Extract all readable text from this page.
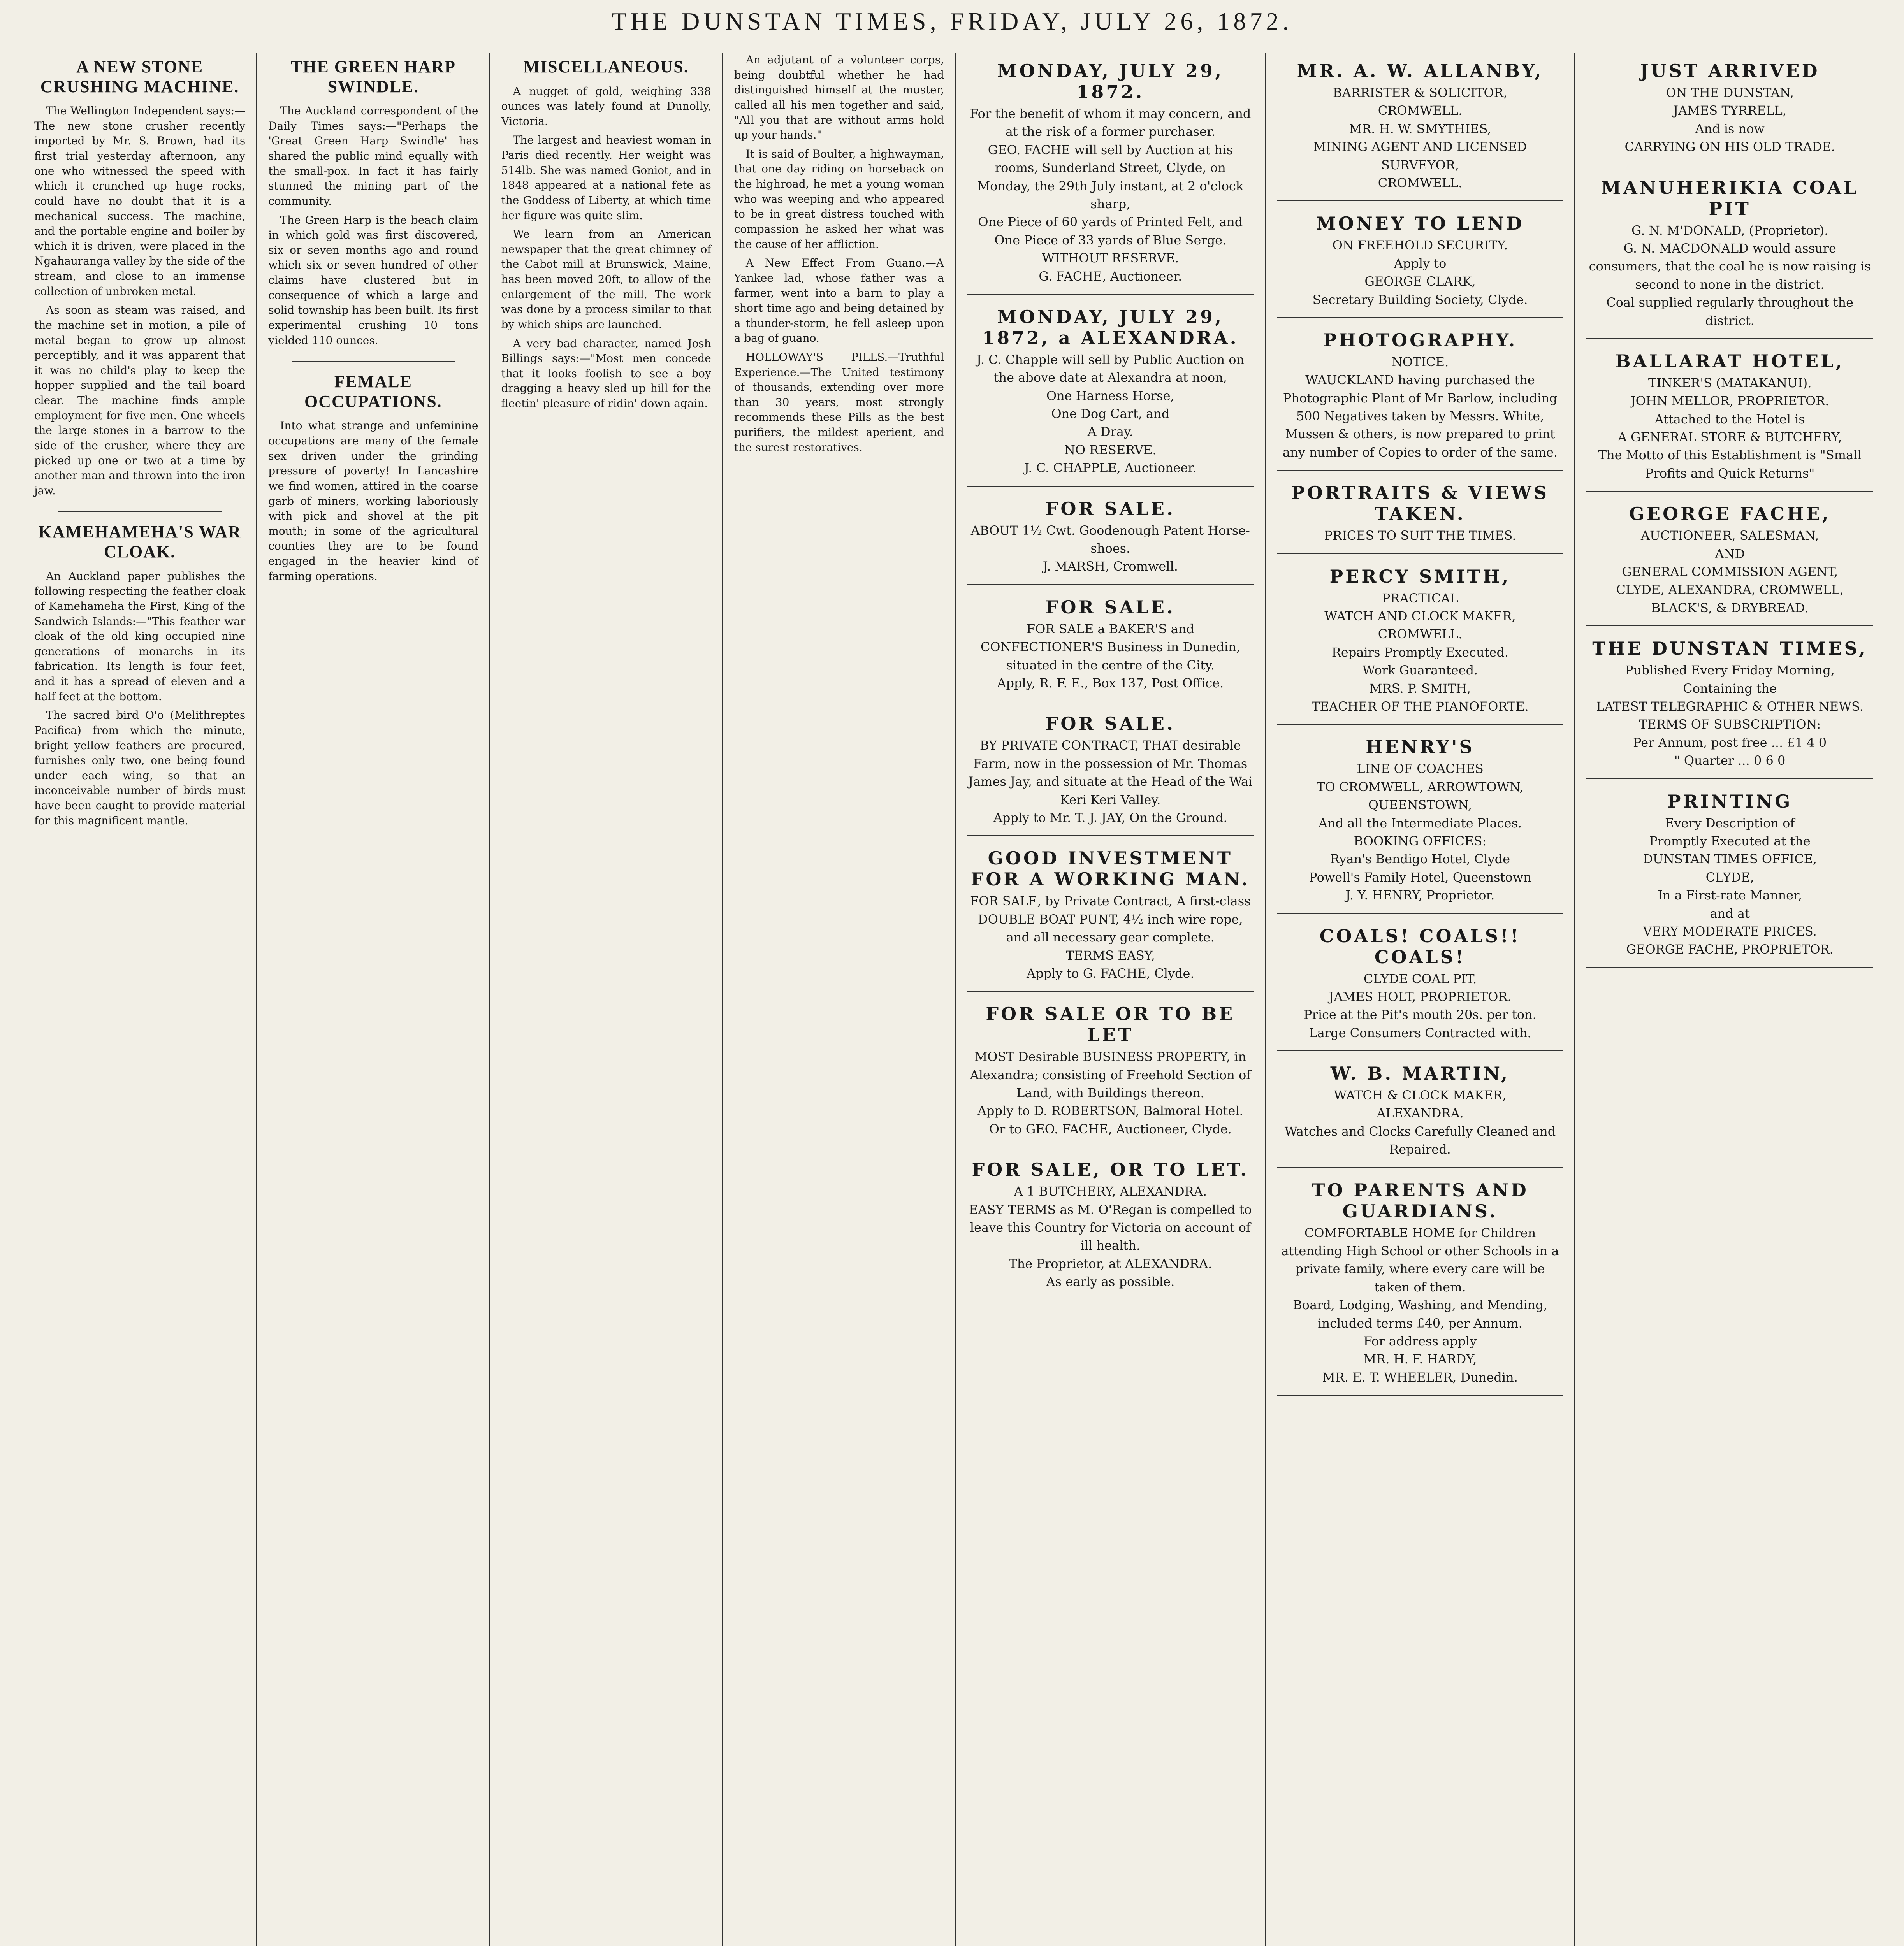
THE DUNSTAN TIMES, FRIDAY, JULY 26, 1872.
A NEW STONE CRUSHING MACHINE.

The Wellington Independent says:—The new stone crusher recently imported by Mr. S. Brown, had its first trial yesterday afternoon, any one who witnessed the speed with which it crunched up huge rocks, could have no doubt that it is a mechanical success. The machine, and the portable engine and boiler by which it is driven, were placed in the Ngahauranga valley by the side of the stream, and close to an immense collection of unbroken metal.

As soon as steam was raised, and the machine set in motion, a pile of metal began to grow up almost perceptibly, and it was apparent that it was no child's play to keep the hopper supplied and the tail board clear. The machine finds ample employment for five men. One wheels the large stones in a barrow to the side of the crusher, where they are picked up one or two at a time by another man and thrown into the iron jaw.

KAMEHAMEHA'S WAR CLOAK.

An Auckland paper publishes the following respecting the feather cloak of Kamehameha the First, King of the Sandwich Islands:—"This feather war cloak of the old king occupied nine generations of monarchs in its fabrication. Its length is four feet, and it has a spread of eleven and a half feet at the bottom.

The sacred bird O'o (Melithreptes Pacifica) from which the minute, bright yellow feathers are procured, furnishes only two, one being found under each wing, so that an inconceivable number of birds must have been caught to provide material for this magnificent mantle.

THE GREEN HARP SWINDLE.

The Auckland correspondent of the Daily Times says:—"Perhaps the 'Great Green Harp Swindle' has shared the public mind equally with the small-pox. In fact it has fairly stunned the mining part of the community.

The Green Harp is the beach claim in which gold was first discovered, six or seven months ago and round which six or seven hundred of other claims have clustered but in consequence of which a large and solid township has been built. Its first experimental crushing 10 tons yielded 110 ounces.

FEMALE OCCUPATIONS.

Into what strange and unfeminine occupations are many of the female sex driven under the grinding pressure of poverty! In Lancashire we find women, attired in the coarse garb of miners, working laboriously with pick and shovel at the pit mouth; in some of the agricultural counties they are to be found engaged in the heavier kind of farming operations.

MISCELLANEOUS.

A nugget of gold, weighing 338 ounces was lately found at Dunolly, Victoria.

The largest and heaviest woman in Paris died recently. Her weight was 514lb. She was named Goniot, and in 1848 appeared at a national fete as the Goddess of Liberty, at which time her figure was quite slim.

We learn from an American newspaper that the great chimney of the Cabot mill at Brunswick, Maine, has been moved 20ft, to allow of the enlargement of the mill. The work was done by a process similar to that by which ships are launched.

A very bad character, named Josh Billings says:—"Most men concede that it looks foolish to see a boy dragging a heavy sled up hill for the fleetin' pleasure of ridin' down again.

An adjutant of a volunteer corps, being doubtful whether he had distinguished himself at the muster, called all his men together and said, "All you that are without arms hold up your hands."

It is said of Boulter, a highwayman, that one day riding on horseback on the highroad, he met a young woman who was weeping and who appeared to be in great distress touched with compassion he asked her what was the cause of her affliction.

A New Effect From Guano.—A Yankee lad, whose father was a farmer, went into a barn to play a short time ago and being detained by a thunder-storm, he fell asleep upon a bag of guano.

HOLLOWAY'S PILLS.—Truthful Experience.—The United testimony of thousands, extending over more than 30 years, most strongly recommends these Pills as the best purifiers, the mildest aperient, and the surest restoratives.

MONDAY, JULY 29, 1872.
For the benefit of whom it may concern, and at the risk of a former purchaser.
GEO. FACHE will sell by Auction at his rooms, Sunderland Street, Clyde, on Monday, the 29th July instant, at 2 o'clock sharp,
One Piece of 60 yards of Printed Felt, and
One Piece of 33 yards of Blue Serge.
WITHOUT RESERVE.
G. FACHE, Auctioneer.
MONDAY, JULY 29, 1872, a ALEXANDRA.
J. C. Chapple will sell by Public Auction on the above date at Alexandra at noon,
One Harness Horse,
One Dog Cart, and
A Dray.
NO RESERVE.
J. C. CHAPPLE, Auctioneer.
FOR SALE.
ABOUT 1½ Cwt. Goodenough Patent Horse-shoes.
J. MARSH, Cromwell.
FOR SALE.
FOR SALE a BAKER'S and CONFECTIONER'S Business in Dunedin, situated in the centre of the City.
Apply, R. F. E., Box 137, Post Office.
FOR SALE.
BY PRIVATE CONTRACT, THAT desirable Farm, now in the possession of Mr. Thomas James Jay, and situate at the Head of the Wai Keri Keri Valley.
Apply to Mr. T. J. JAY, On the Ground.
GOOD INVESTMENT FOR A WORKING MAN.
FOR SALE, by Private Contract, A first-class DOUBLE BOAT PUNT, 4½ inch wire rope, and all necessary gear complete.
TERMS EASY,
Apply to G. FACHE, Clyde.
FOR SALE OR TO BE LET
MOST Desirable BUSINESS PROPERTY, in Alexandra; consisting of Freehold Section of Land, with Buildings thereon.
Apply to D. ROBERTSON, Balmoral Hotel.
Or to GEO. FACHE, Auctioneer, Clyde.
FOR SALE, OR TO LET.
A 1 BUTCHERY, ALEXANDRA.
EASY TERMS as M. O'Regan is compelled to leave this Country for Victoria on account of ill health.
The Proprietor, at ALEXANDRA.
As early as possible.
MR. A. W. ALLANBY,
BARRISTER & SOLICITOR,
CROMWELL.
MR. H. W. SMYTHIES,
MINING AGENT AND LICENSED SURVEYOR,
CROMWELL.
MONEY TO LEND
ON FREEHOLD SECURITY.
Apply to
GEORGE CLARK,
Secretary Building Society, Clyde.
PHOTOGRAPHY.
NOTICE.
WAUCKLAND having purchased the Photographic Plant of Mr Barlow, including 500 Negatives taken by Messrs. White, Mussen & others, is now prepared to print any number of Copies to order of the same.
PORTRAITS & VIEWS TAKEN.
PRICES TO SUIT THE TIMES.
PERCY SMITH,
PRACTICAL
WATCH AND CLOCK MAKER,
CROMWELL.
Repairs Promptly Executed.
Work Guaranteed.
MRS. P. SMITH,
TEACHER OF THE PIANOFORTE.
HENRY'S
LINE OF COACHES
TO CROMWELL, ARROWTOWN, QUEENSTOWN,
And all the Intermediate Places.
BOOKING OFFICES:
Ryan's Bendigo Hotel, Clyde
Powell's Family Hotel, Queenstown
J. Y. HENRY, Proprietor.
COALS! COALS!! COALS!
CLYDE COAL PIT.
JAMES HOLT, PROPRIETOR.
Price at the Pit's mouth 20s. per ton.
Large Consumers Contracted with.
W. B. MARTIN,
WATCH & CLOCK MAKER,
ALEXANDRA.
Watches and Clocks Carefully Cleaned and Repaired.
TO PARENTS AND GUARDIANS.
COMFORTABLE HOME for Children attending High School or other Schools in a private family, where every care will be taken of them.
Board, Lodging, Washing, and Mending, included terms £40, per Annum.
For address apply
MR. H. F. HARDY,
MR. E. T. WHEELER, Dunedin.
JUST ARRIVED
ON THE DUNSTAN,
JAMES TYRRELL,
And is now
CARRYING ON HIS OLD TRADE.
MANUHERIKIA COAL PIT
G. N. M'DONALD, (Proprietor).
G. N. MACDONALD would assure consumers, that the coal he is now raising is second to none in the district.
Coal supplied regularly throughout the district.
BALLARAT HOTEL,
TINKER'S (MATAKANUI).
JOHN MELLOR, PROPRIETOR.
Attached to the Hotel is
A GENERAL STORE & BUTCHERY,
The Motto of this Establishment is "Small Profits and Quick Returns"
GEORGE FACHE,
AUCTIONEER, SALESMAN,
AND
GENERAL COMMISSION AGENT,
CLYDE, ALEXANDRA, CROMWELL,
BLACK'S, & DRYBREAD.
THE DUNSTAN TIMES,
Published Every Friday Morning,
Containing the
LATEST TELEGRAPHIC & OTHER NEWS.
TERMS OF SUBSCRIPTION:
Per Annum, post free ... £1 4 0
" Quarter ... 0 6 0
PRINTING
Every Description of
Promptly Executed at the
DUNSTAN TIMES OFFICE,
CLYDE,
In a First-rate Manner,
and at
VERY MODERATE PRICES.
GEORGE FACHE, PROPRIETOR.
